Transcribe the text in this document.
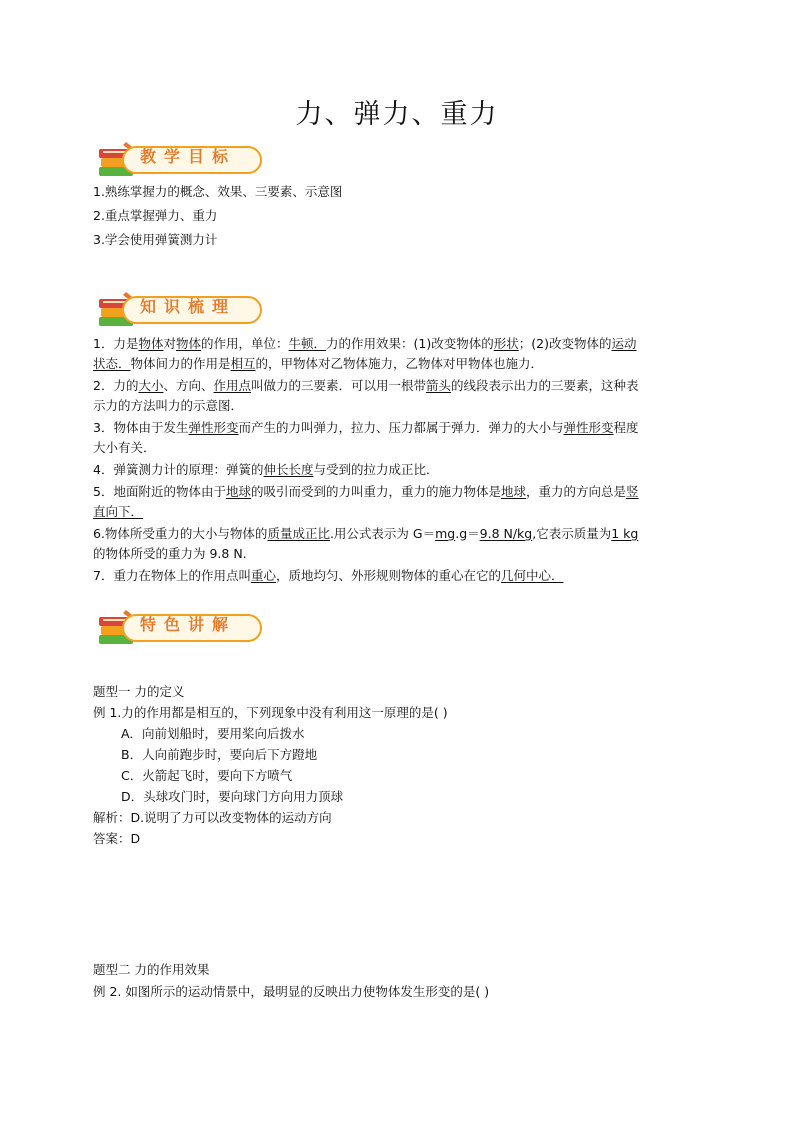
力、弹力、重力
教学目标
1.熟练掌握力的概念、效果、三要素、示意图
2.重点掌握弹力、重力
3.学会使用弹簧测力计
知识梳理
1．力是物体对物体的作用，单位：牛顿．力的作用效果：(1)改变物体的形状；(2)改变物体的运动
状态．物体间力的作用是相互的，甲物体对乙物体施力，乙物体对甲物体也施力．
2．力的大小、方向、作用点叫做力的三要素．可以用一根带箭头的线段表示出力的三要素，这种表
示力的方法叫力的示意图．
3．物体由于发生弹性形变而产生的力叫弹力，拉力、压力都属于弹力．弹力的大小与弹性形变程度
大小有关．
4．弹簧测力计的原理：弹簧的伸长长度与受到的拉力成正比．
5．地面附近的物体由于地球的吸引而受到的力叫重力，重力的施力物体是地球，重力的方向总是竖
直向下．
6.物体所受重力的大小与物体的质量成正比.用公式表示为 G＝mg.g＝9.8 N/kg,它表示质量为1 kg
的物体所受的重力为 9.8 N.
7．重力在物体上的作用点叫重心，质地均匀、外形规则物体的重心在它的几何中心．
特色讲解
题型一 力的定义
例 1.力的作用都是相互的，下列现象中没有利用这一原理的是( )
A．向前划船时，要用桨向后拨水
B．人向前跑步时，要向后下方蹬地
C．火箭起飞时，要向下方喷气
D．头球攻门时，要向球门方向用力顶球
解析：D.说明了力可以改变物体的运动方向
答案：D
题型二 力的作用效果
例 2. 如图所示的运动情景中，最明显的反映出力使物体发生形变的是( )
